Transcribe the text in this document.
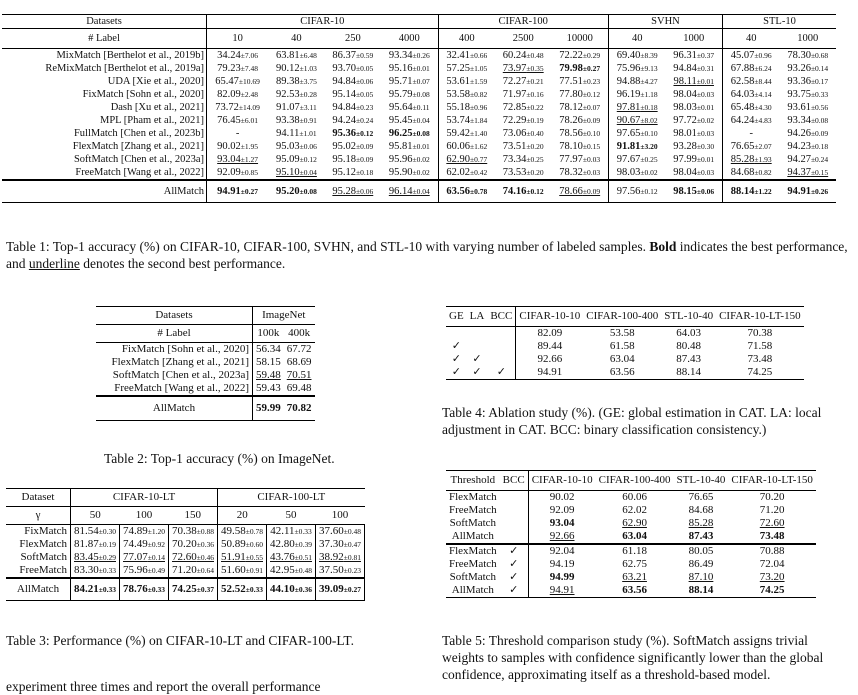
Datasets	CIFAR-10				CIFAR-100			SVHN		STL-10	
# Label	10	40	250	4000	400	2500	10000	40	1000	40	1000
MixMatch [Berthelot et al., 2019b]	34.24±7.06	63.81±6.48	86.37±0.59	93.34±0.26	32.41±0.66	60.24±0.48	72.22±0.29	69.40±8.39	96.31±0.37	45.07±0.96	78.30±0.68
ReMixMatch [Berthelot et al., 2019a]	79.23±7.48	90.12±1.03	93.70±0.05	95.16±0.01	57.25±1.05	73.97±0.35	79.98±0.27	75.96±9.13	94.84±0.31	67.88±6.24	93.26±0.14
UDA [Xie et al., 2020]	65.47±10.69	89.38±3.75	94.84±0.06	95.71±0.07	53.61±1.59	72.27±0.21	77.51±0.23	94.88±4.27	98.11±0.01	62.58±8.44	93.36±0.17
FixMatch [Sohn et al., 2020]	82.09±2.48	92.53±0.28	95.14±0.05	95.79±0.08	53.58±0.82	71.97±0.16	77.80±0.12	96.19±1.18	98.04±0.03	64.03±4.14	93.75±0.33
Dash [Xu et al., 2021]	73.72±14.09	91.07±3.11	94.84±0.23	95.64±0.11	55.18±0.96	72.85±0.22	78.12±0.07	97.81±0.18	98.03±0.01	65.48±4.30	93.61±0.56
MPL [Pham et al., 2021]	76.45±6.01	93.38±0.91	94.24±0.24	95.45±0.04	53.74±1.84	72.29±0.19	78.26±0.09	90.67±8.02	97.72±0.02	64.24±4.83	93.34±0.08
FullMatch [Chen et al., 2023b]	-	94.11±1.01	95.36±0.12	96.25±0.08	59.42±1.40	73.06±0.40	78.56±0.10	97.65±0.10	98.01±0.03	-	94.26±0.09
FlexMatch [Zhang et al., 2021]	90.02±1.95	95.03±0.06	95.02±0.09	95.81±0.01	60.06±1.62	73.51±0.20	78.10±0.15	91.81±3.20	93.28±0.30	76.65±2.07	94.23±0.18
SoftMatch [Chen et al., 2023a]	93.04±1.27	95.09±0.12	95.18±0.09	95.96±0.02	62.90±0.77	73.34±0.25	77.97±0.03	97.67±0.25	97.99±0.01	85.28±1.93	94.27±0.24
FreeMatch [Wang et al., 2022]	92.09±0.85	95.10±0.04	95.12±0.18	95.90±0.02	62.02±0.42	73.53±0.20	78.32±0.03	98.03±0.02	98.04±0.03	84.68±0.82	94.37±0.15
AllMatch	94.91±0.27	95.20±0.08	95.28±0.06	96.14±0.04	63.56±0.78	74.16±0.12	78.66±0.09	97.56±0.12	98.15±0.06	88.14±1.22	94.91±0.26
Table 1: Top-1 accuracy (%) on CIFAR-10, CIFAR-100, SVHN, and STL-10 with varying number of labeled samples. Bold indicates the best performance, and underline denotes the second best performance.
Datasets	ImageNet	
# Label	100k	400k
FixMatch [Sohn et al., 2020]	56.34	67.72
FlexMatch [Zhang et al., 2021]	58.15	68.69
SoftMatch [Chen et al., 2023a]	59.48	70.51
FreeMatch [Wang et al., 2022]	59.43	69.48
AllMatch	59.99	70.82
Table 2: Top-1 accuracy (%) on ImageNet.
Dataset	CIFAR-10-LT			CIFAR-100-LT		
γ	50	100	150	20	50	100
FixMatch	81.54±0.30	74.89±1.20	70.38±0.88	49.58±0.78	42.11±0.33	37.60±0.48
FlexMatch	81.87±0.19	74.49±0.92	70.20±0.36	50.89±0.60	42.80±0.39	37.30±0.47
SoftMatch	83.45±0.29	77.07±0.14	72.60±0.46	51.91±0.55	43.76±0.51	38.92±0.81
FreeMatch	83.30±0.33	75.96±0.49	71.20±0.64	51.60±0.91	42.95±0.48	37.50±0.23
AllMatch	84.21±0.33	78.76±0.33	74.25±0.37	52.52±0.33	44.10±0.36	39.09±0.27
Table 3: Performance (%) on CIFAR-10-LT and CIFAR-100-LT.
experiment three times and report the overall performance
GE	LA	BCC	CIFAR-10-10	CIFAR-100-400	STL-10-40	CIFAR-10-LT-150
			82.09	53.58	64.03	70.38
✓			89.44	61.58	80.48	71.58
✓	✓		92.66	63.04	87.43	73.48
✓	✓	✓	94.91	63.56	88.14	74.25
Table 4: Ablation study (%). (GE: global estimation in CAT. LA: local adjustment in CAT. BCC: binary classification consistency.)
Threshold	BCC	CIFAR-10-10	CIFAR-100-400	STL-10-40	CIFAR-10-LT-150
FlexMatch		90.02	60.06	76.65	70.20
FreeMatch		92.09	62.02	84.68	71.20
SoftMatch		93.04	62.90	85.28	72.60
AllMatch		92.66	63.04	87.43	73.48
FlexMatch	✓	92.04	61.18	80.05	70.88
FreeMatch	✓	94.19	62.75	86.49	72.04
SoftMatch	✓	94.99	63.21	87.10	73.20
AllMatch	✓	94.91	63.56	88.14	74.25
Table 5: Threshold comparison study (%). SoftMatch assigns trivial weights to samples with confidence significantly lower than the global confidence, approximating itself as a threshold-based model.
